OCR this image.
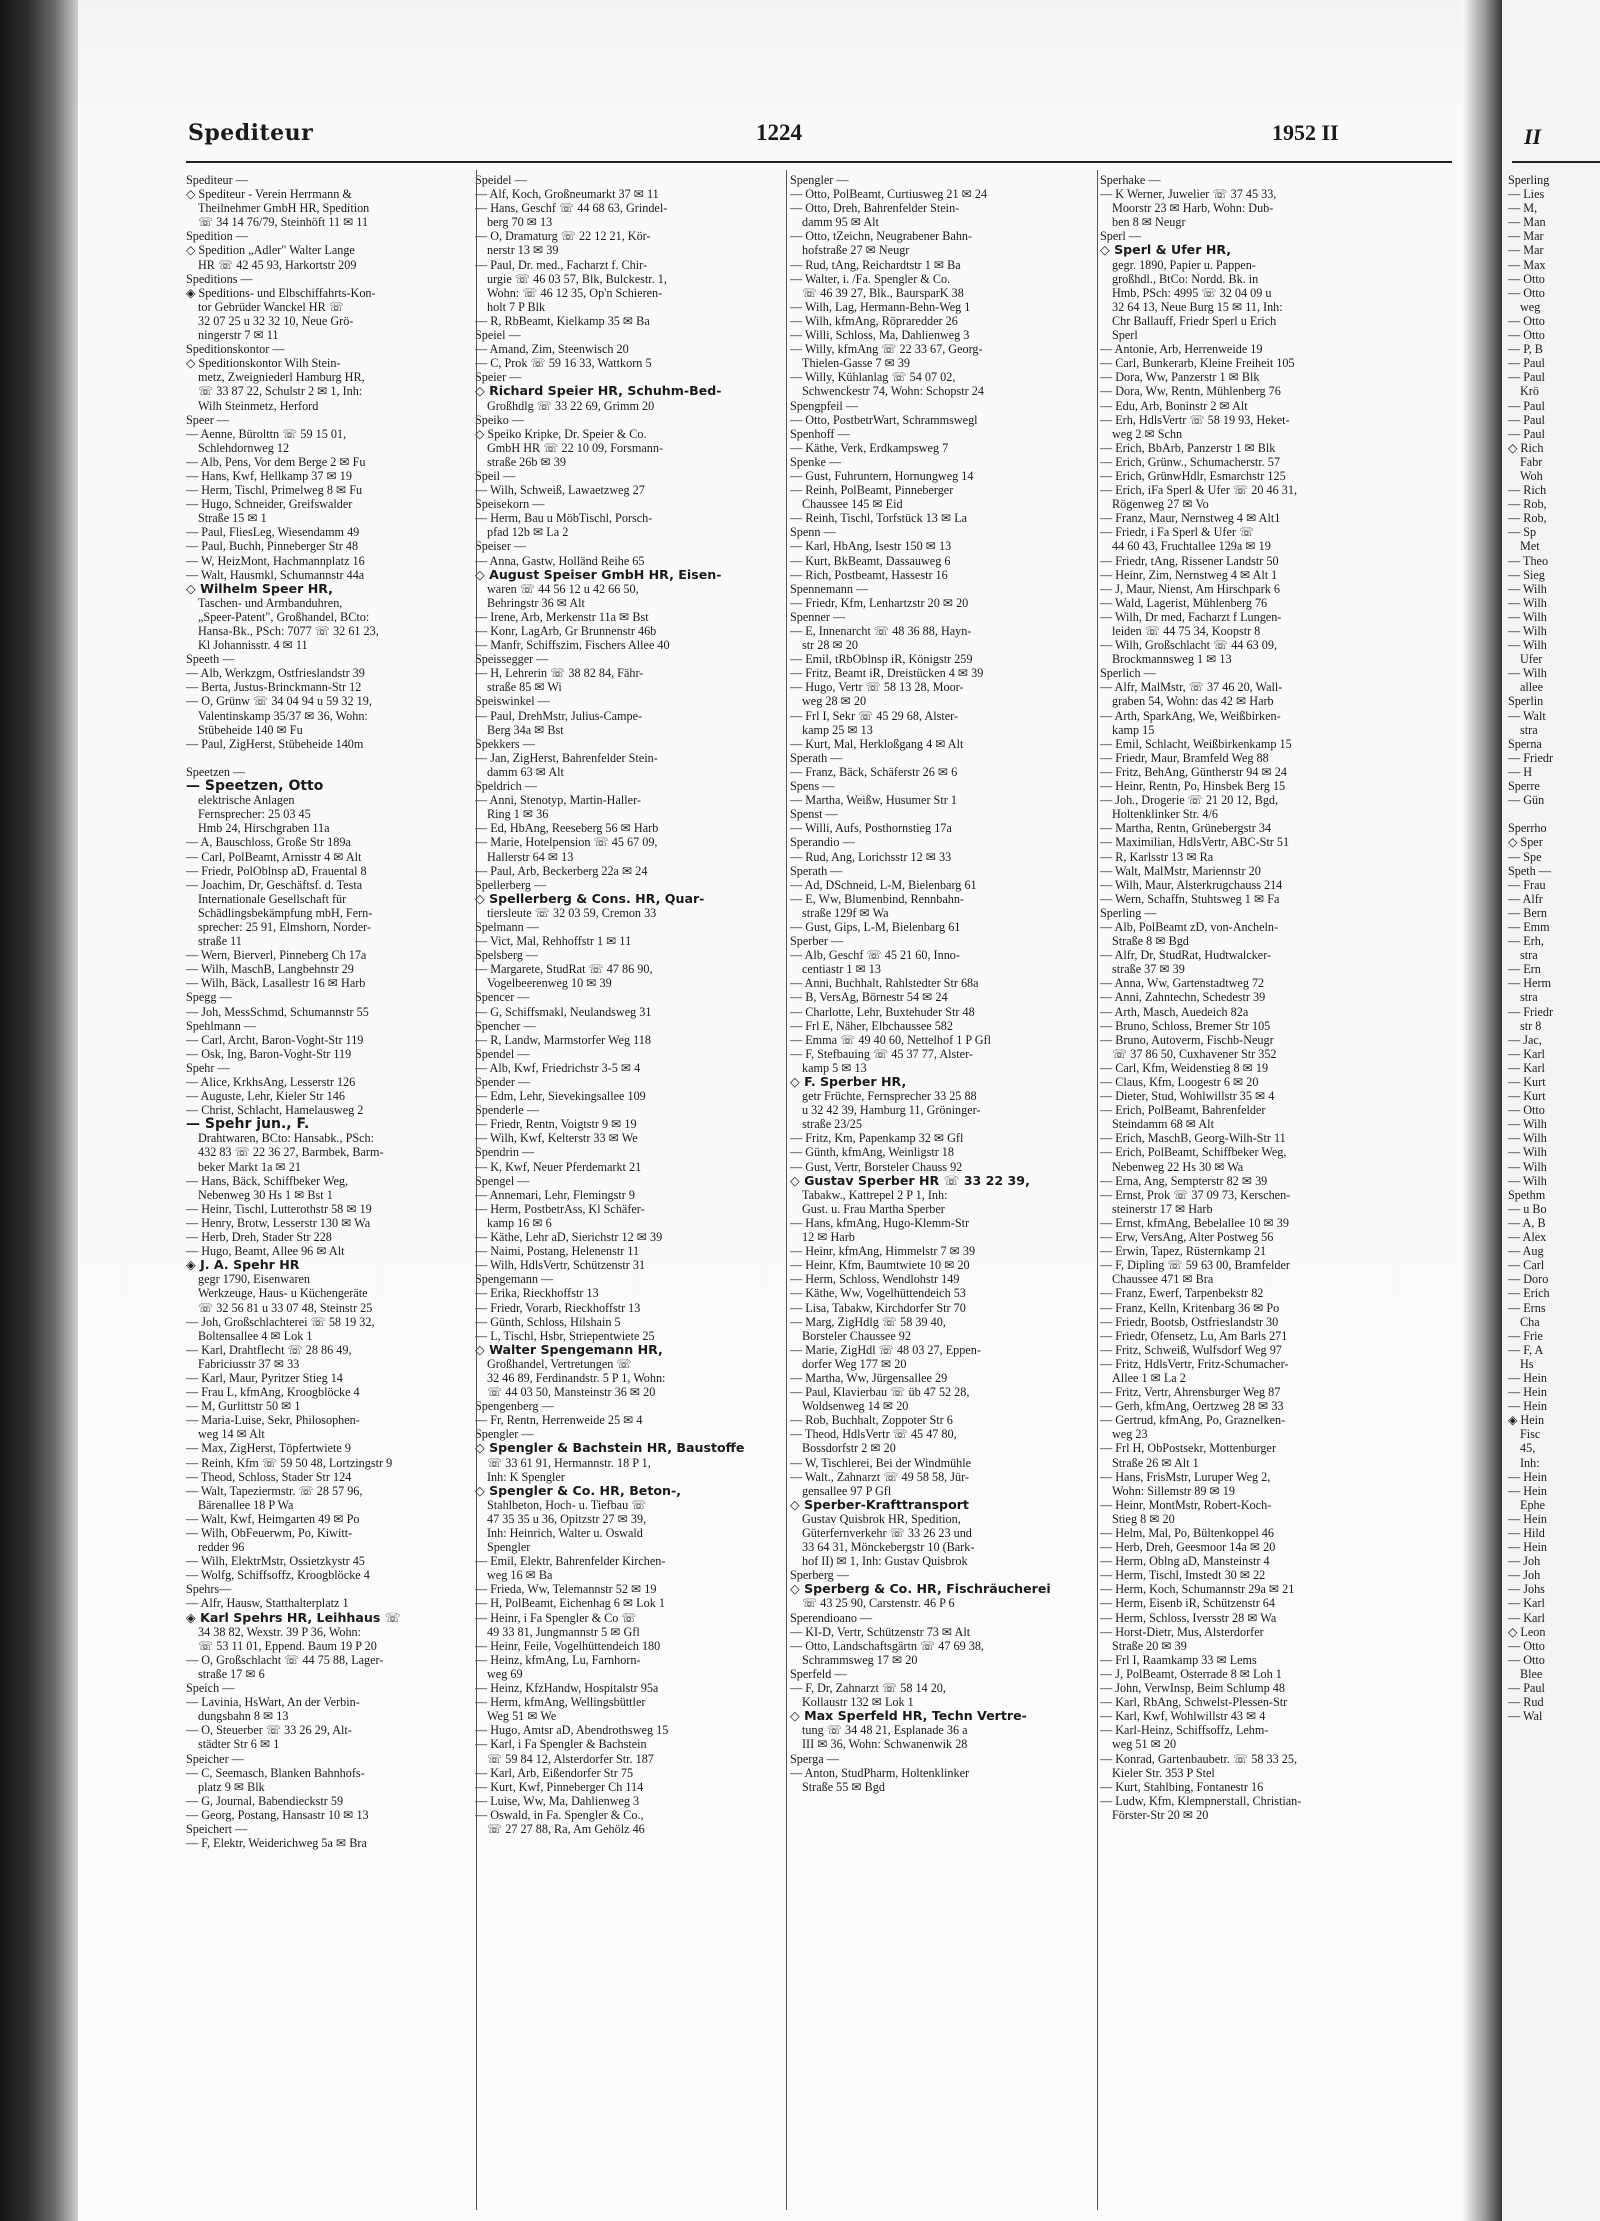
Spediteur	1224	1952 II
Spediteur —
◇ Spediteur - Verein Herrmann &
Theilnehmer GmbH HR, Spedition
☏ 34 14 76/79, Steinhöft 11 ✉ 11
Spedition —
◇ Spedition „Adler" Walter Lange
HR ☏ 42 45 93, Harkortstr 209
Speditions —
◈ Speditions- und Elbschiffahrts-Kon-
tor Gebrüder Wanckel HR ☏
32 07 25 u 32 32 10, Neue Grö-
ningerstr 7 ✉ 11
Speditionskontor —
◇ Speditionskontor Wilh Stein-
metz, Zweigniederl Hamburg HR,
☏ 33 87 22, Schulstr 2 ✉ 1, Inh:
Wilh Steinmetz, Herford
Speer —
— Aenne, Bürolttn ☏ 59 15 01,
Schlehdornweg 12
— Alb, Pens, Vor dem Berge 2 ✉ Fu
— Hans, Kwf, Hellkamp 37 ✉ 19
— Herm, Tischl, Primelweg 8 ✉ Fu
— Hugo, Schneider, Greifswalder
Straße 15 ✉ 1
— Paul, FliesLeg, Wiesendamm 49
— Paul, Buchh, Pinneberger Str 48
— W, HeizMont, Hachmannplatz 16
— Walt, Hausmkl, Schumannstr 44a
◇ Wilhelm Speer HR,
Taschen- und Armbanduhren,
„Speer-Patent", Großhandel, BCto:
Hansa-Bk., PSch: 7077 ☏ 32 61 23,
Kl Johannisstr. 4 ✉ 11
Speeth —
— Alb, Werkzgm, Ostfrieslandstr 39
— Berta, Justus-Brinckmann-Str 12
— O, Grünw ☏ 34 04 94 u 59 32 19,
Valentinskamp 35/37 ✉ 36, Wohn:
Stübeheide 140 ✉ Fu
— Paul, ZigHerst, Stübeheide 140m

Speetzen —
— Speetzen, Otto
elektrische Anlagen
Fernsprecher: 25 03 45
Hmb 24, Hirschgraben 11a
— A, Bauschloss, Große Str 189a
— Carl, PolBeamt, Arnisstr 4 ✉ Alt
— Friedr, PolOblnsp aD, Frauental 8
— Joachim, Dr, Geschäftsf. d. Testa
Internationale Gesellschaft für
Schädlingsbekämpfung mbH, Fern-
sprecher: 25 91, Elmshorn, Norder-
straße 11
— Wern, Bierverl, Pinneberg Ch 17a
— Wilh, MaschB, Langbehnstr 29
— Wilh, Bäck, Lasallestr 16 ✉ Harb
Spegg —
— Joh, MessSchmd, Schumannstr 55
Spehlmann —
— Carl, Archt, Baron-Voght-Str 119
— Osk, Ing, Baron-Voght-Str 119
Spehr —
— Alice, KrkhsAng, Lesserstr 126
— Auguste, Lehr, Kieler Str 146
— Christ, Schlacht, Hamelausweg 2
— Spehr jun., F.
Drahtwaren, BCto: Hansabk., PSch:
432 83 ☏ 22 36 27, Barmbek, Barm-
beker Markt 1a ✉ 21
— Hans, Bäck, Schiffbeker Weg,
Nebenweg 30 Hs 1 ✉ Bst 1
— Heinr, Tischl, Lutterothstr 58 ✉ 19
— Henry, Brotw, Lesserstr 130 ✉ Wa
— Herb, Dreh, Stader Str 228
— Hugo, Beamt, Allee 96 ✉ Alt
◈ J. A. Spehr HR
gegr 1790, Eisenwaren
Werkzeuge, Haus- u Küchengeräte
☏ 32 56 81 u 33 07 48, Steinstr 25
— Joh, Großschlachterei ☏ 58 19 32,
Boltensallee 4 ✉ Lok 1
— Karl, Drahtflecht ☏ 28 86 49,
Fabriciusstr 37 ✉ 33
— Karl, Maur, Pyritzer Stieg 14
— Frau L, kfmAng, Kroogblöcke 4
— M, Gurlittstr 50 ✉ 1
— Maria-Luise, Sekr, Philosophen-
weg 14 ✉ Alt
— Max, ZigHerst, Töpfertwiete 9
— Reinh, Kfm ☏ 59 50 48, Lortzingstr 9
— Theod, Schloss, Stader Str 124
— Walt, Tapeziermstr. ☏ 28 57 96,
Bärenallee 18 P Wa
— Walt, Kwf, Heimgarten 49 ✉ Po
— Wilh, ObFeuerwm, Po, Kiwitt-
redder 96
— Wilh, ElektrMstr, Ossietzkystr 45
— Wolfg, Schiffsoffz, Kroogblöcke 4
Spehrs—
— Alfr, Hausw, Statthalterplatz 1
◈ Karl Spehrs HR, Leihhaus ☏
34 38 82, Wexstr. 39 P 36, Wohn:
☏ 53 11 01, Eppend. Baum 19 P 20
— O, Großschlacht ☏ 44 75 88, Lager-
straße 17 ✉ 6
Speich —
— Lavinia, HsWart, An der Verbin-
dungsbahn 8 ✉ 13
— O, Steuerber ☏ 33 26 29, Alt-
städter Str 6 ✉ 1
Speicher —
— C, Seemasch, Blanken Bahnhofs-
platz 9 ✉ Blk
— G, Journal, Babendieckstr 59
— Georg, Postang, Hansastr 10 ✉ 13
Speichert —
— F, Elektr, Weiderichweg 5a ✉ Bra
Speidel —
— Alf, Koch, Großneumarkt 37 ✉ 11
— Hans, Geschf ☏ 44 68 63, Grindel-
berg 70 ✉ 13
— O, Dramaturg ☏ 22 12 21, Kör-
nerstr 13 ✉ 39
— Paul, Dr. med., Facharzt f. Chir-
urgie ☏ 46 03 57, Blk, Bulckestr. 1,
Wohn: ☏ 46 12 35, Op'n Schieren-
holt 7 P Blk
— R, RbBeamt, Kielkamp 35 ✉ Ba
Speiel —
— Amand, Zim, Steenwisch 20
— C, Prok ☏ 59 16 33, Wattkorn 5
Speier —
◇ Richard Speier HR, Schuhm-Bed-
Großhdlg ☏ 33 22 69, Grimm 20
Speiko —
◇ Speiko Kripke, Dr. Speier & Co.
GmbH HR ☏ 22 10 09, Forsmann-
straße 26b ✉ 39
Speil —
— Wilh, Schweiß, Lawaetzweg 27
Speisekorn —
— Herm, Bau u MöbTischl, Porsch-
pfad 12b ✉ La 2
Speiser —
— Anna, Gastw, Holländ Reihe 65
◇ August Speiser GmbH HR, Eisen-
waren ☏ 44 56 12 u 42 66 50,
Behringstr 36 ✉ Alt
— Irene, Arb, Merkenstr 11a ✉ Bst
— Konr, LagArb, Gr Brunnenstr 46b
— Manfr, Schiffszim, Fischers Allee 40
Speissegger —
— H, Lehrerin ☏ 38 82 84, Fähr-
straße 85 ✉ Wi
Speiswinkel —
— Paul, DrehMstr, Julius-Campe-
Berg 34a ✉ Bst
Spekkers —
— Jan, ZigHerst, Bahrenfelder Stein-
damm 63 ✉ Alt
Speldrich —
— Anni, Stenotyp, Martin-Haller-
Ring 1 ✉ 36
— Ed, HbAng, Reeseberg 56 ✉ Harb
— Marie, Hotelpension ☏ 45 67 09,
Hallerstr 64 ✉ 13
— Paul, Arb, Beckerberg 22a ✉ 24
Spellerberg —
◇ Spellerberg & Cons. HR, Quar-
tiersleute ☏ 32 03 59, Cremon 33
Spelmann —
— Vict, Mal, Rehhoffstr 1 ✉ 11
Spelsberg —
— Margarete, StudRat ☏ 47 86 90,
Vogelbeerenweg 10 ✉ 39
Spencer —
— G, Schiffsmakl, Neulandsweg 31
Spencher —
— R, Landw, Marmstorfer Weg 118
Spendel —
— Alb, Kwf, Friedrichstr 3-5 ✉ 4
Spender —
— Edm, Lehr, Sievekingsallee 109
Spenderle —
— Friedr, Rentn, Voigtstr 9 ✉ 19
— Wilh, Kwf, Kelterstr 33 ✉ We
Spendrin —
— K, Kwf, Neuer Pferdemarkt 21
Spengel —
— Annemari, Lehr, Flemingstr 9
— Herm, PostbetrAss, Kl Schäfer-
kamp 16 ✉ 6
— Käthe, Lehr aD, Sierichstr 12 ✉ 39
— Naimi, Postang, Helenenstr 11
— Wilh, HdlsVertr, Schützenstr 31
Spengemann —
— Erika, Rieckhoffstr 13
— Friedr, Vorarb, Rieckhoffstr 13
— Günth, Schloss, Hilshain 5
— L, Tischl, Hsbr, Striepentwiete 25
◇ Walter Spengemann HR,
Großhandel, Vertretungen ☏
32 46 89, Ferdinandstr. 5 P 1, Wohn:
☏ 44 03 50, Mansteinstr 36 ✉ 20
Spengenberg —
— Fr, Rentn, Herrenweide 25 ✉ 4
Spengler —
◇ Spengler & Bachstein HR, Baustoffe
☏ 33 61 91, Hermannstr. 18 P 1,
Inh: K Spengler
◇ Spengler & Co. HR, Beton-,
Stahlbeton, Hoch- u. Tiefbau ☏
47 35 35 u 36, Opitzstr 27 ✉ 39,
Inh: Heinrich, Walter u. Oswald
Spengler
— Emil, Elektr, Bahrenfelder Kirchen-
weg 16 ✉ Ba
— Frieda, Ww, Telemannstr 52 ✉ 19
— H, PolBeamt, Eichenhag 6 ✉ Lok 1
— Heinr, i Fa Spengler & Co ☏
49 33 81, Jungmannstr 5 ✉ Gfl
— Heinr, Feile, Vogelhüttendeich 180
— Heinz, kfmAng, Lu, Farnhorn-
weg 69
— Heinz, KfzHandw, Hospitalstr 95a
— Herm, kfmAng, Wellingsbüttler
Weg 51 ✉ We
— Hugo, Amtsr aD, Abendrothsweg 15
— Karl, i Fa Spengler & Bachstein
☏ 59 84 12, Alsterdorfer Str. 187
— Karl, Arb, Eißendorfer Str 75
— Kurt, Kwf, Pinneberger Ch 114
— Luise, Ww, Ma, Dahlienweg 3
— Oswald, in Fa. Spengler & Co.,
☏ 27 27 88, Ra, Am Gehölz 46
Spengler —
— Otto, PolBeamt, Curtiusweg 21 ✉ 24
— Otto, Dreh, Bahrenfelder Stein-
damm 95 ✉ Alt
— Otto, tZeichn, Neugrabener Bahn-
hofstraße 27 ✉ Neugr
— Rud, tAng, Reichardtstr 1 ✉ Ba
— Walter, i. /Fa. Spengler & Co.
☏ 46 39 27, Blk., BaursparK 38
— Wilh, Lag, Hermann-Behn-Weg 1
— Wilh, kfmAng, Röpraredder 26
— Willi, Schloss, Ma, Dahlienweg 3
— Willy, kfmAng ☏ 22 33 67, Georg-
Thielen-Gasse 7 ✉ 39
— Willy, Kühlanlag ☏ 54 07 02,
Schwenckestr 74, Wohn: Schopstr 24
Spengpfeil —
— Otto, PostbetrWart, Schrammswegl
Spenhoff —
— Käthe, Verk, Erdkampsweg 7
Spenke —
— Gust, Fuhruntern, Hornungweg 14
— Reinh, PolBeamt, Pinneberger
Chaussee 145 ✉ Eid
— Reinh, Tischl, Torfstück 13 ✉ La
Spenn —
— Karl, HbAng, Isestr 150 ✉ 13
— Kurt, BkBeamt, Dassauweg 6
— Rich, Postbeamt, Hassestr 16
Spennemann —
— Friedr, Kfm, Lenhartzstr 20 ✉ 20
Spenner —
— E, Innenarcht ☏ 48 36 88, Hayn-
str 28 ✉ 20
— Emil, tRbOblnsp iR, Königstr 259
— Fritz, Beamt iR, Dreistücken 4 ✉ 39
— Hugo, Vertr ☏ 58 13 28, Moor-
weg 28 ✉ 20
— Frl I, Sekr ☏ 45 29 68, Alster-
kamp 25 ✉ 13
— Kurt, Mal, Herkloßgang 4 ✉ Alt
Sperath —
— Franz, Bäck, Schäferstr 26 ✉ 6
Spens —
— Martha, Weißw, Husumer Str 1
Spenst —
— Willi, Aufs, Posthornstieg 17a
Sperandio —
— Rud, Ang, Lorichsstr 12 ✉ 33
Sperath —
— Ad, DSchneid, L-M, Bielenbarg 61
— E, Ww, Blumenbind, Rennbahn-
straße 129f ✉ Wa
— Gust, Gips, L-M, Bielenbarg 61
Sperber —
— Alb, Geschf ☏ 45 21 60, Inno-
centiastr 1 ✉ 13
— Anni, Buchhalt, Rahlstedter Str 68a
— B, VersAg, Börnestr 54 ✉ 24
— Charlotte, Lehr, Buxtehuder Str 48
— Frl E, Näher, Elbchaussee 582
— Emma ☏ 49 40 60, Nettelhof 1 P Gfl
— F, Stefbauing ☏ 45 37 77, Alster-
kamp 5 ✉ 13
◇ F. Sperber HR,
getr Früchte, Fernsprecher 33 25 88
u 32 42 39, Hamburg 11, Gröninger-
straße 23/25
— Fritz, Km, Papenkamp 32 ✉ Gfl
— Günth, kfmAng, Weinligstr 18
— Gust, Vertr, Borsteler Chauss 92
◇ Gustav Sperber HR ☏ 33 22 39,
Tabakw., Kattrepel 2 P 1, Inh:
Gust. u. Frau Martha Sperber
— Hans, kfmAng, Hugo-Klemm-Str
12 ✉ Harb
— Heinr, kfmAng, Himmelstr 7 ✉ 39
— Heinr, Kfm, Baumtwiete 10 ✉ 20
— Herm, Schloss, Wendlohstr 149
— Käthe, Ww, Vogelhüttendeich 53
— Lisa, Tabakw, Kirchdorfer Str 70
— Marg, ZigHdlg ☏ 58 39 40,
Borsteler Chaussee 92
— Marie, ZigHdl ☏ 48 03 27, Eppen-
dorfer Weg 177 ✉ 20
— Martha, Ww, Jürgensallee 29
— Paul, Klavierbau ☏ üb 47 52 28,
Woldsenweg 14 ✉ 20
— Rob, Buchhalt, Zoppoter Str 6
— Theod, HdlsVertr ☏ 45 47 80,
Bossdorfstr 2 ✉ 20
— W, Tischlerei, Bei der Windmühle
— Walt., Zahnarzt ☏ 49 58 58, Jür-
gensallee 97 P Gfl
◇ Sperber-Krafttransport
Gustav Quisbrok HR, Spedition,
Güterfernverkehr ☏ 33 26 23 und
33 64 31, Mönckebergstr 10 (Bark-
hof II) ✉ 1, Inh: Gustav Quisbrok
Sperberg —
◇ Sperberg & Co. HR, Fischräucherei
☏ 43 25 90, Carstenstr. 46 P 6
Sperendioano —
— KI-D, Vertr, Schützenstr 73 ✉ Alt
— Otto, Landschaftsgärtn ☏ 47 69 38,
Schrammsweg 17 ✉ 20
Sperfeld —
— F, Dr, Zahnarzt ☏ 58 14 20,
Kollaustr 132 ✉ Lok 1
◇ Max Sperfeld HR, Techn Vertre-
tung ☏ 34 48 21, Esplanade 36 a
III ✉ 36, Wohn: Schwanenwik 28
Sperga —
— Anton, StudPharm, Holtenklinker
Straße 55 ✉ Bgd
Sperhake —
— K Werner, Juwelier ☏ 37 45 33,
Moorstr 23 ✉ Harb, Wohn: Dub-
ben 8 ✉ Neugr
Sperl —
◇ Sperl & Ufer HR,
gegr. 1890, Papier u. Pappen-
großhdl., BtCo: Nordd. Bk. in
Hmb, PSch: 4995 ☏ 32 04 09 u
32 64 13, Neue Burg 15 ✉ 11, Inh:
Chr Ballauff, Friedr Sperl u Erich
Sperl
— Antonie, Arb, Herrenweide 19
— Carl, Bunkerarb, Kleine Freiheit 105
— Dora, Ww, Panzerstr 1 ✉ Blk
— Dora, Ww, Rentn, Mühlenberg 76
— Edu, Arb, Boninstr 2 ✉ Alt
— Erh, HdlsVertr ☏ 58 19 93, Heket-
weg 2 ✉ Schn
— Erich, BbArb, Panzerstr 1 ✉ Blk
— Erich, Grünw., Schumacherstr. 57
— Erich, GrünwHdlr, Esmarchstr 125
— Erich, iFa Sperl & Ufer ☏ 20 46 31,
Rögenweg 27 ✉ Vo
— Franz, Maur, Nernstweg 4 ✉ Alt1
— Friedr, i Fa Sperl & Ufer ☏
44 60 43, Fruchtallee 129a ✉ 19
— Friedr, tAng, Rissener Landstr 50
— Heinr, Zim, Nernstweg 4 ✉ Alt 1
— J, Maur, Nienst, Am Hirschpark 6
— Wald, Lagerist, Mühlenberg 76
— Wilh, Dr med, Facharzt f Lungen-
leiden ☏ 44 75 34, Koopstr 8
— Wilh, Großschlacht ☏ 44 63 09,
Brockmannsweg 1 ✉ 13
Sperlich —
— Alfr, MalMstr, ☏ 37 46 20, Wall-
graben 54, Wohn: das 42 ✉ Harb
— Arth, SparkAng, We, Weißbirken-
kamp 15
— Emil, Schlacht, Weißbirkenkamp 15
— Friedr, Maur, Bramfeld Weg 88
— Fritz, BehAng, Güntherstr 94 ✉ 24
— Heinr, Rentn, Po, Hinsbek Berg 15
— Joh., Drogerie ☏ 21 20 12, Bgd,
Holtenklinker Str. 4/6
— Martha, Rentn, Grünebergstr 34
— Maximilian, HdlsVertr, ABC-Str 51
— R, Karlsstr 13 ✉ Ra
— Walt, MalMstr, Mariennstr 20
— Wilh, Maur, Alsterkrugchauss 214
— Wern, Schaffn, Stuhtsweg 1 ✉ Fa
Sperling —
— Alb, PolBeamt zD, von-Ancheln-
Straße 8 ✉ Bgd
— Alfr, Dr, StudRat, Hudtwalcker-
straße 37 ✉ 39
— Anna, Ww, Gartenstadtweg 72
— Anni, Zahntechn, Schedestr 39
— Arth, Masch, Auedeich 82a
— Bruno, Schloss, Bremer Str 105
— Bruno, Autoverm, Fischb-Neugr
☏ 37 86 50, Cuxhavener Str 352
— Carl, Kfm, Weidenstieg 8 ✉ 19
— Claus, Kfm, Loogestr 6 ✉ 20
— Dieter, Stud, Wohlwillstr 35 ✉ 4
— Erich, PolBeamt, Bahrenfelder
Steindamm 68 ✉ Alt
— Erich, MaschB, Georg-Wilh-Str 11
— Erich, PolBeamt, Schiffbeker Weg,
Nebenweg 22 Hs 30 ✉ Wa
— Erna, Ang, Sempterstr 82 ✉ 39
— Ernst, Prok ☏ 37 09 73, Kerschen-
steinerstr 17 ✉ Harb
— Ernst, kfmAng, Bebelallee 10 ✉ 39
— Erw, VersAng, Alter Postweg 56
— Erwin, Tapez, Rüsternkamp 21
— F, Dipling ☏ 59 63 00, Bramfelder
Chaussee 471 ✉ Bra
— Franz, Ewerf, Tarpenbekstr 82
— Franz, Kelln, Kritenbarg 36 ✉ Po
— Friedr, Bootsb, Ostfrieslandstr 30
— Friedr, Ofensetz, Lu, Am Barls 271
— Fritz, Schweiß, Wulfsdorf Weg 97
— Fritz, HdlsVertr, Fritz-Schumacher-
Allee 1 ✉ La 2
— Fritz, Vertr, Ahrensburger Weg 87
— Gerh, kfmAng, Oertzweg 28 ✉ 33
— Gertrud, kfmAng, Po, Graznelken-
weg 23
— Frl H, ObPostsekr, Mottenburger
Straße 26 ✉ Alt 1
— Hans, FrisMstr, Luruper Weg 2,
Wohn: Sillemstr 89 ✉ 19
— Heinr, MontMstr, Robert-Koch-
Stieg 8 ✉ 20
— Helm, Mal, Po, Bültenkoppel 46
— Herb, Dreh, Geesmoor 14a ✉ 20
— Herm, Oblng aD, Mansteinstr 4
— Herm, Tischl, Imstedt 30 ✉ 22
— Herm, Koch, Schumannstr 29a ✉ 21
— Herm, Eisenb iR, Schützenstr 64
— Herm, Schloss, Iversstr 28 ✉ Wa
— Horst-Dietr, Mus, Alsterdorfer
Straße 20 ✉ 39
— Frl I, Raamkamp 33 ✉ Lems
— J, PolBeamt, Osterrade 8 ✉ Loh 1
— John, VerwInsp, Beim Schlump 48
— Karl, RbAng, Schwelst-Plessen-Str
— Karl, Kwf, Wohlwillstr 43 ✉ 4
— Karl-Heinz, Schiffsoffz, Lehm-
weg 51 ✉ 20
— Konrad, Gartenbaubetr. ☏ 58 33 25,
Kieler Str. 353 P Stel
— Kurt, Stahlbing, Fontanestr 16
— Ludw, Kfm, Klempnerstall, Christian-
Förster-Str 20 ✉ 20
II
Sperling
— Lies
— M,
— Man
— Mar
— Mar
— Max
— Otto
— Otto
weg
— Otto
— Otto
— P, B
— Paul
— Paul
Krö
— Paul
— Paul
— Paul
◇ Rich
Fabr
Woh
— Rich
— Rob,
— Rob,
— Sp
Met
— Theo
— Sieg
— Wilh
— Wilh
— Wilh
— Wilh
— Wilh
Ufer
— Wilh
allee
Sperlin
— Walt
stra
Sperna
— Friedr
— H
Sperre
— Gün

Sperrho
◇ Sper
— Spe
Speth —
— Frau
— Alfr
— Bern
— Emm
— Erh,
stra
— Ern
— Herm
stra
— Friedr
str 8
— Jac,
— Karl
— Karl
— Kurt
— Kurt
— Otto
— Wilh
— Wilh
— Wilh
— Wilh
— Wilh
Spethm
— u Bo
— A, B
— Alex
— Aug
— Carl
— Doro
— Erich
— Erns
Cha
— Frie
— F, A
Hs
— Hein
— Hein
— Hein
◈ Hein
Fisc
45,
Inh:
— Hein
— Hein
Ephe
— Hein
— Hild
— Hein
— Joh
— Joh
— Johs
— Karl
— Karl
◇ Leon
— Otto
— Otto
Blee
— Paul
— Rud
— Wal
